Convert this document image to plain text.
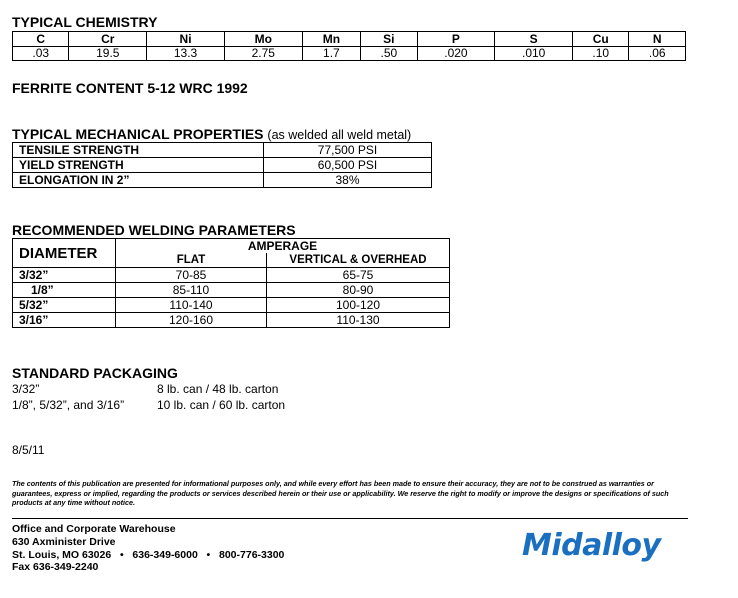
TYPICAL CHEMISTRY
C	Cr	Ni	Mo	Mn	Si	P	S	Cu	N
.03	19.5	13.3	2.75	1.7	.50	.020	.010	.10	.06
FERRITE CONTENT 5-12 WRC 1992
TYPICAL MECHANICAL PROPERTIES (as welded all weld metal)
TENSILE STRENGTH	77,500 PSI
YIELD STRENGTH	60,500 PSI
ELONGATION IN 2”	38%
RECOMMENDED WELDING PARAMETERS
DIAMETER	AMPERAGE	
	FLAT	VERTICAL & OVERHEAD
3/32”	70-85	65-75
1/8”	85-110	80-90
5/32”	110-140	100-120
3/16”	120-160	110-130
STANDARD PACKAGING
3/32”	8 lb. can / 48 lb. carton
1/8”, 5/32”, and 3/16”	10 lb. can / 60 lb. carton
8/5/11
The contents of this publication are presented for informational purposes only, and while every effort has been made to ensure their accuracy, they are not to be construed as warranties or guarantees, express or implied, regarding the products or services described herein or their use or applicability. We reserve the right to modify or improve the designs or specifications of such products at any time without notice.
Office and Corporate Warehouse
630 Axminister Drive
St. Louis, MO 63026   •   636-349-6000   •   800-776-3300
Fax 636-349-2240
Midalloy
